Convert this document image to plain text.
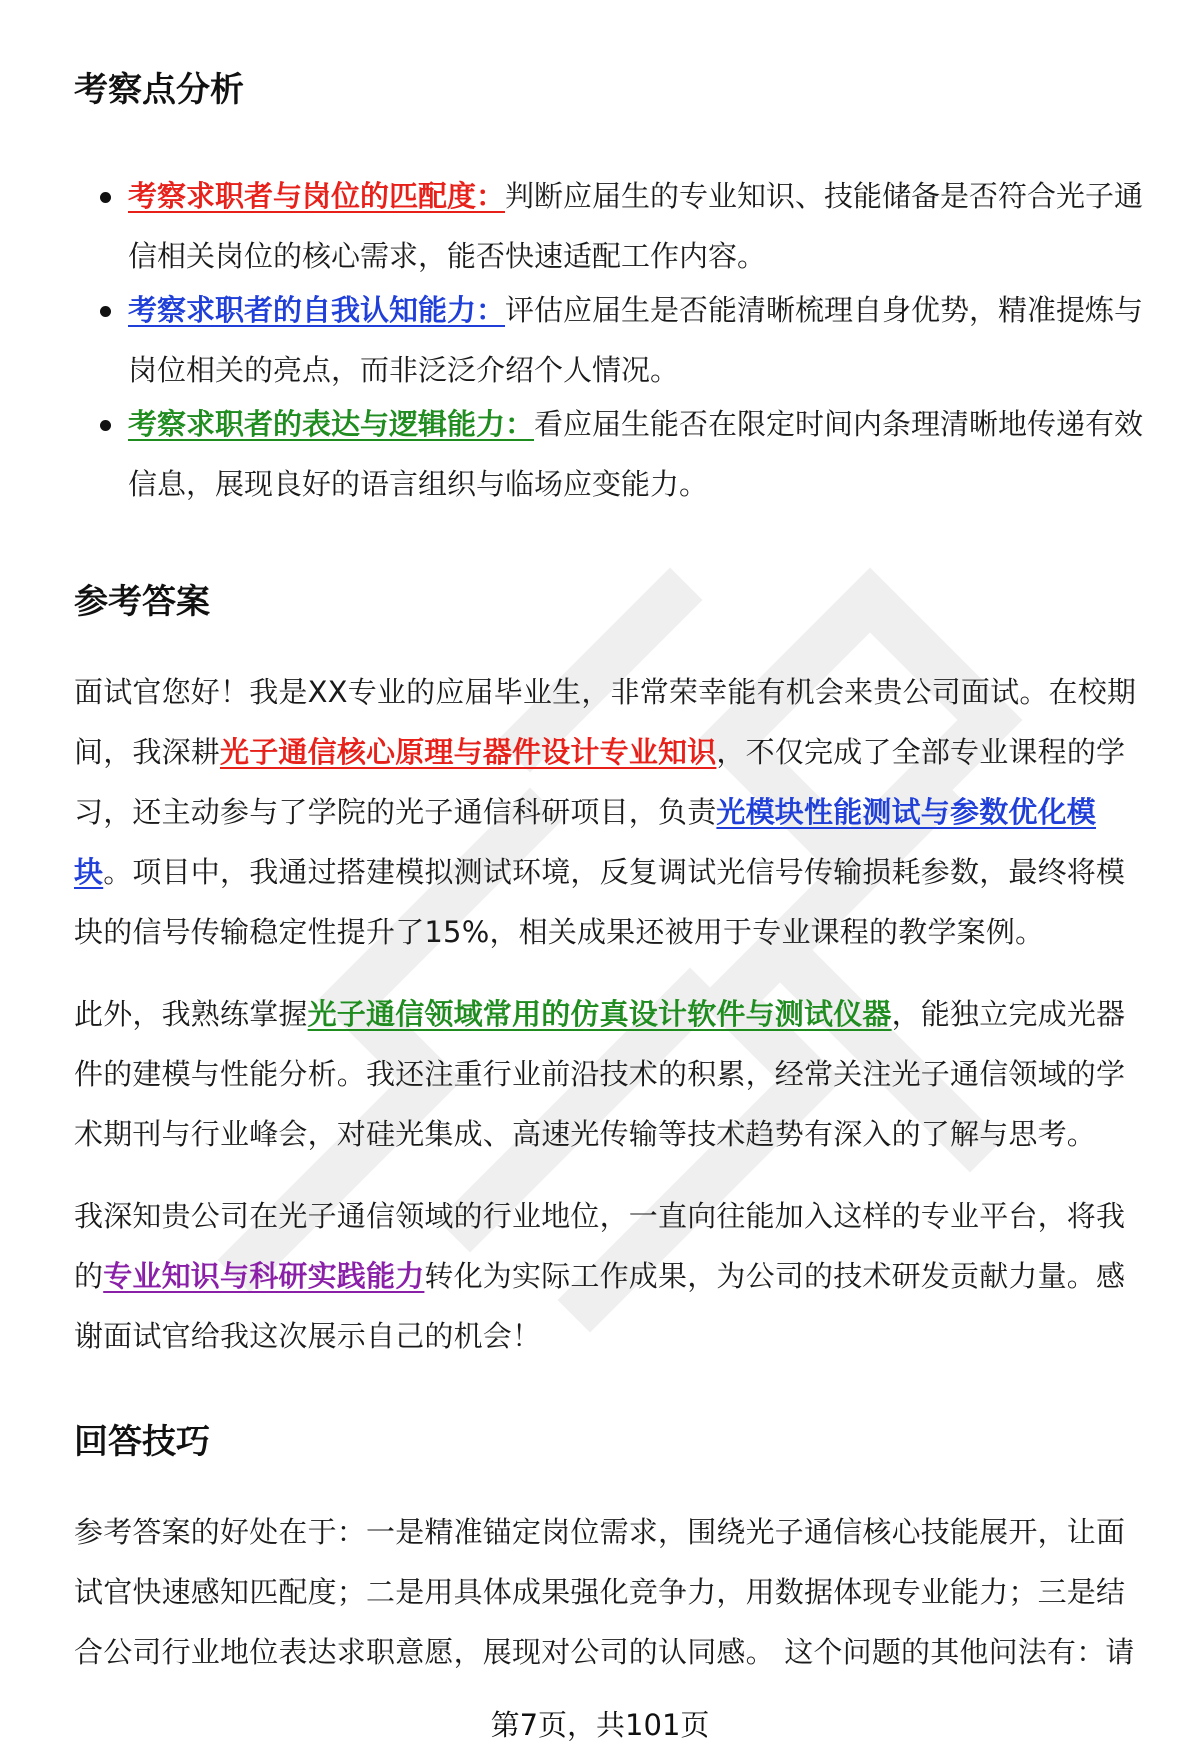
考察点分析
考察求职者与岗位的匹配度：判断应届生的专业知识、技能储备是否符合光子通信相关岗位的核心需求，能否快速适配工作内容。
考察求职者的自我认知能力：评估应届生是否能清晰梳理自身优势，精准提炼与岗位相关的亮点，而非泛泛介绍个人情况。
考察求职者的表达与逻辑能力：看应届生能否在限定时间内条理清晰地传递有效信息，展现良好的语言组织与临场应变能力。
参考答案

面试官您好！我是XX专业的应届毕业生，非常荣幸能有机会来贵公司面试。在校期间，我深耕光子通信核心原理与器件设计专业知识，不仅完成了全部专业课程的学习，还主动参与了学院的光子通信科研项目，负责光模块性能测试与参数优化模块。项目中，我通过搭建模拟测试环境，反复调试光信号传输损耗参数，最终将模块的信号传输稳定性提升了15%，相关成果还被用于专业课程的教学案例。

此外，我熟练掌握光子通信领域常用的仿真设计软件与测试仪器，能独立完成光器件的建模与性能分析。我还注重行业前沿技术的积累，经常关注光子通信领域的学术期刊与行业峰会，对硅光集成、高速光传输等技术趋势有深入的了解与思考。

我深知贵公司在光子通信领域的行业地位，一直向往能加入这样的专业平台，将我的专业知识与科研实践能力转化为实际工作成果，为公司的技术研发贡献力量。感谢面试官给我这次展示自己的机会！

回答技巧

参考答案的好处在于：一是精准锚定岗位需求，围绕光子通信核心技能展开，让面试官快速感知匹配度；二是用具体成果强化竞争力，用数据体现专业能力；三是结合公司行业地位表达求职意愿，展现对公司的认同感。 这个问题的其他问法有：请

第7页，共101页
